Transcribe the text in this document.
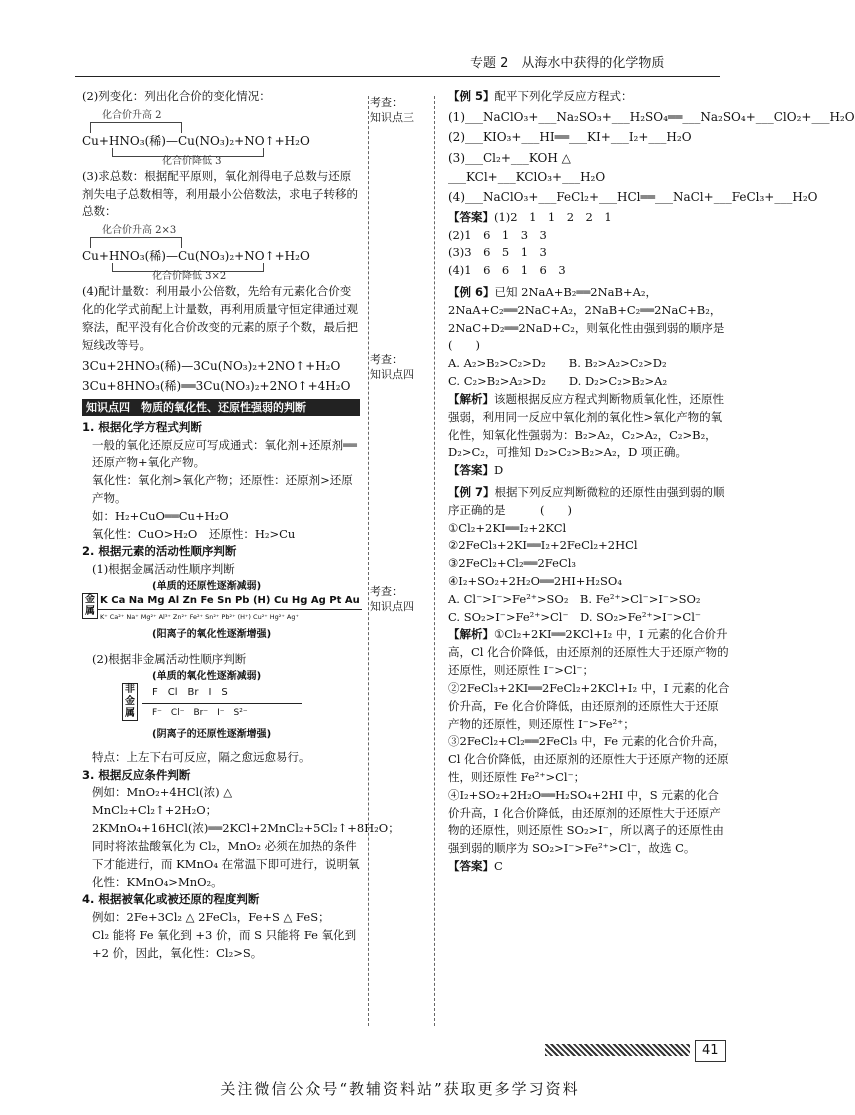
专题 2　从海水中获得的化学物质

考查：

知识点三

考查：

知识点四

考查：

知识点四

(2)列变化：列出化合价的变化情况：

化合价升高 2
Cu+HNO₃(稀)—Cu(NO₃)₂+NO↑+H₂O
化合价降低 3

(3)求总数：根据配平原则，氧化剂得电子总数与还原剂失电子总数相等，利用最小公倍数法，求电子转移的总数：

化合价升高 2×3
Cu+HNO₃(稀)—Cu(NO₃)₂+NO↑+H₂O
化合价降低 3×2

(4)配计量数：利用最小公倍数，先给有元素化合价变化的化学式前配上计量数，再利用质量守恒定律通过观察法，配平没有化合价改变的元素的原子个数，最后把短线改等号。

3Cu+2HNO₃(稀)—3Cu(NO₃)₂+2NO↑+H₂O

3Cu+8HNO₃(稀)══3Cu(NO₃)₂+2NO↑+4H₂O

知识点四　物质的氧化性、还原性强弱的判断

1. 根据化学方程式判断

一般的氧化还原反应可写成通式：氧化剂+还原剂══还原产物+氧化产物。

氧化性：氧化剂>氧化产物；还原性：还原剂>还原产物。

如：H₂+CuO══Cu+H₂O

氧化性：CuO>H₂O　还原性：H₂>Cu

2. 根据元素的活动性顺序判断

(1)根据金属活动性顺序判断

(单质的还原性逐渐减弱)
金属
K Ca Na Mg Al Zn Fe Sn Pb (H) Cu Hg Ag Pt Au
K⁺ Ca²⁺ Na⁺ Mg²⁺ Al³⁺ Zn²⁺ Fe²⁺ Sn²⁺ Pb²⁺ (H⁺) Cu²⁺ Hg²⁺ Ag⁺
(阳离子的氧化性逐渐增强)

(2)根据非金属活动性顺序判断

(单质的氧化性逐渐减弱)
非金属
F　Cl　Br　I　S
F⁻　Cl⁻　Br⁻　I⁻　S²⁻
(阴离子的还原性逐渐增强)

特点：上左下右可反应，隔之愈远愈易行。

3. 根据反应条件判断

例如：MnO₂+4HCl(浓) △ MnCl₂+Cl₂↑+2H₂O；

2KMnO₄+16HCl(浓)══2KCl+2MnCl₂+5Cl₂↑+8H₂O；

同时将浓盐酸氧化为 Cl₂，MnO₂ 必须在加热的条件下才能进行，而 KMnO₄ 在常温下即可进行，说明氧化性：KMnO₄>MnO₂。

4. 根据被氧化或被还原的程度判断

例如：2Fe+3Cl₂ △ 2FeCl₃，Fe+S △ FeS；

Cl₂ 能将 Fe 氧化到 +3 价，而 S 只能将 Fe 氧化到 +2 价，因此，氧化性：Cl₂>S。

【例 5】配平下列化学反应方程式：

(1)___NaClO₃+___Na₂SO₃+___H₂SO₄══___Na₂SO₄+___ClO₂+___H₂O

(2)___KIO₃+___HI══___KI+___I₂+___H₂O

(3)___Cl₂+___KOH △ ___KCl+___KClO₃+___H₂O

(4)___NaClO₃+___FeCl₂+___HCl══___NaCl+___FeCl₃+___H₂O

【答案】(1)2　1　1　2　2　1

(2)1　6　1　3　3

(3)3　6　5　1　3

(4)1　6　6　1　6　3

【例 6】已知 2NaA+B₂══2NaB+A₂，2NaA+C₂══2NaC+A₂，2NaB+C₂══2NaC+B₂，2NaC+D₂══2NaD+C₂，则氧化性由强到弱的顺序是　　　(　　)

A. A₂>B₂>C₂>D₂　　B. B₂>A₂>C₂>D₂

C. C₂>B₂>A₂>D₂　　D. D₂>C₂>B₂>A₂

【解析】该题根据反应方程式判断物质氧化性，还原性强弱，利用同一反应中氧化剂的氧化性>氧化产物的氧化性，知氧化性强弱为：B₂>A₂，C₂>A₂，C₂>B₂，D₂>C₂，可推知 D₂>C₂>B₂>A₂，D 项正确。

【答案】D

【例 7】根据下列反应判断微粒的还原性由强到弱的顺序正确的是　　　(　　)

①Cl₂+2KI══I₂+2KCl

②2FeCl₃+2KI══I₂+2FeCl₂+2HCl

③2FeCl₂+Cl₂══2FeCl₃

④I₂+SO₂+2H₂O══2HI+H₂SO₄

A. Cl⁻>I⁻>Fe²⁺>SO₂　B. Fe²⁺>Cl⁻>I⁻>SO₂

C. SO₂>I⁻>Fe²⁺>Cl⁻　D. SO₂>Fe²⁺>I⁻>Cl⁻

【解析】①Cl₂+2KI══2KCl+I₂ 中，I 元素的化合价升高，Cl 化合价降低，由还原剂的还原性大于还原产物的还原性，则还原性 I⁻>Cl⁻；②2FeCl₃+2KI══2FeCl₂+2KCl+I₂ 中，I 元素的化合价升高，Fe 化合价降低，由还原剂的还原性大于还原产物的还原性，则还原性 I⁻>Fe²⁺；③2FeCl₂+Cl₂══2FeCl₃ 中，Fe 元素的化合价升高，Cl 化合价降低，由还原剂的还原性大于还原产物的还原性，则还原性 Fe²⁺>Cl⁻；④I₂+SO₂+2H₂O══H₂SO₄+2HI 中，S 元素的化合价升高，I 化合价降低，由还原剂的还原性大于还原产物的还原性，则还原性 SO₂>I⁻，所以离子的还原性由强到弱的顺序为 SO₂>I⁻>Fe²⁺>Cl⁻，故选 C。

【答案】C

41
关注微信公众号“教辅资料站”获取更多学习资料
